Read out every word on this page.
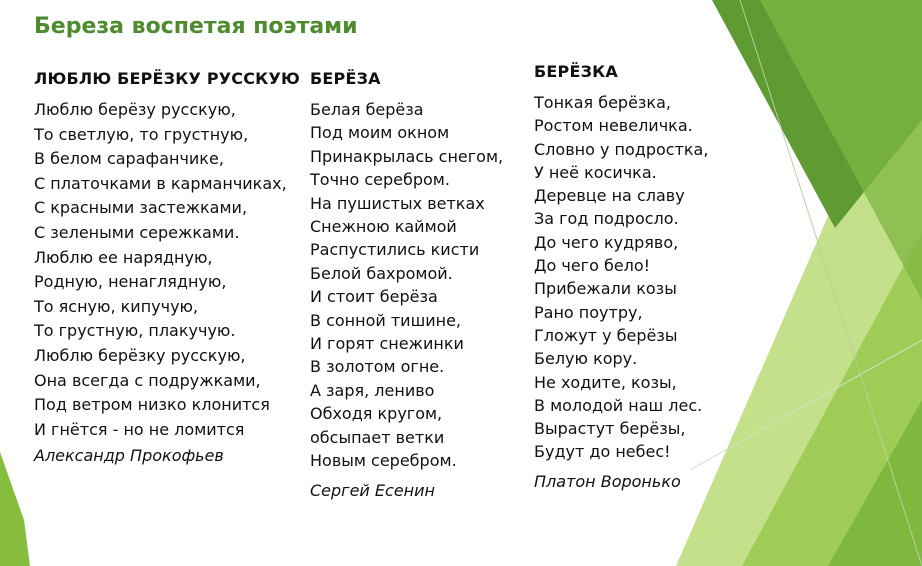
Береза воспетая поэтами
ЛЮБЛЮ БЕРЁЗКУ РУССКУЮ
Люблю берёзу русскую,
То светлую, то грустную,
В белом сарафанчике,
С платочками в карманчиках,
С красными застежками,
С зелеными сережками.
Люблю ее нарядную,
Родную, ненаглядную,
То ясную, кипучую,
То грустную, плакучую.
Люблю берёзку русскую,
Она всегда с подружками,
Под ветром низко клонится
И гнётся - но не ломится
Александр Прокофьев
БЕРЁЗА
Белая берёза
Под моим окном
Принакрылась снегом,
Точно серебром.
На пушистых ветках
Снежною каймой
Распустились кисти
Белой бахромой.
И стоит берёза
В сонной тишине,
И горят снежинки
В золотом огне.
А заря, лениво
Обходя кругом,
обсыпает ветки
Новым серебром.
Сергей Есенин
БЕРЁЗКА
Тонкая берёзка,
Ростом невеличка.
Словно у подростка,
У неё косичка.
Деревце на славу
За год подросло.
До чего кудряво,
До чего бело!
Прибежали козы
Рано поутру,
Гложут у берёзы
Белую кору.
Не ходите, козы,
В молодой наш лес.
Вырастут берёзы,
Будут до небес!
Платон Воронько
